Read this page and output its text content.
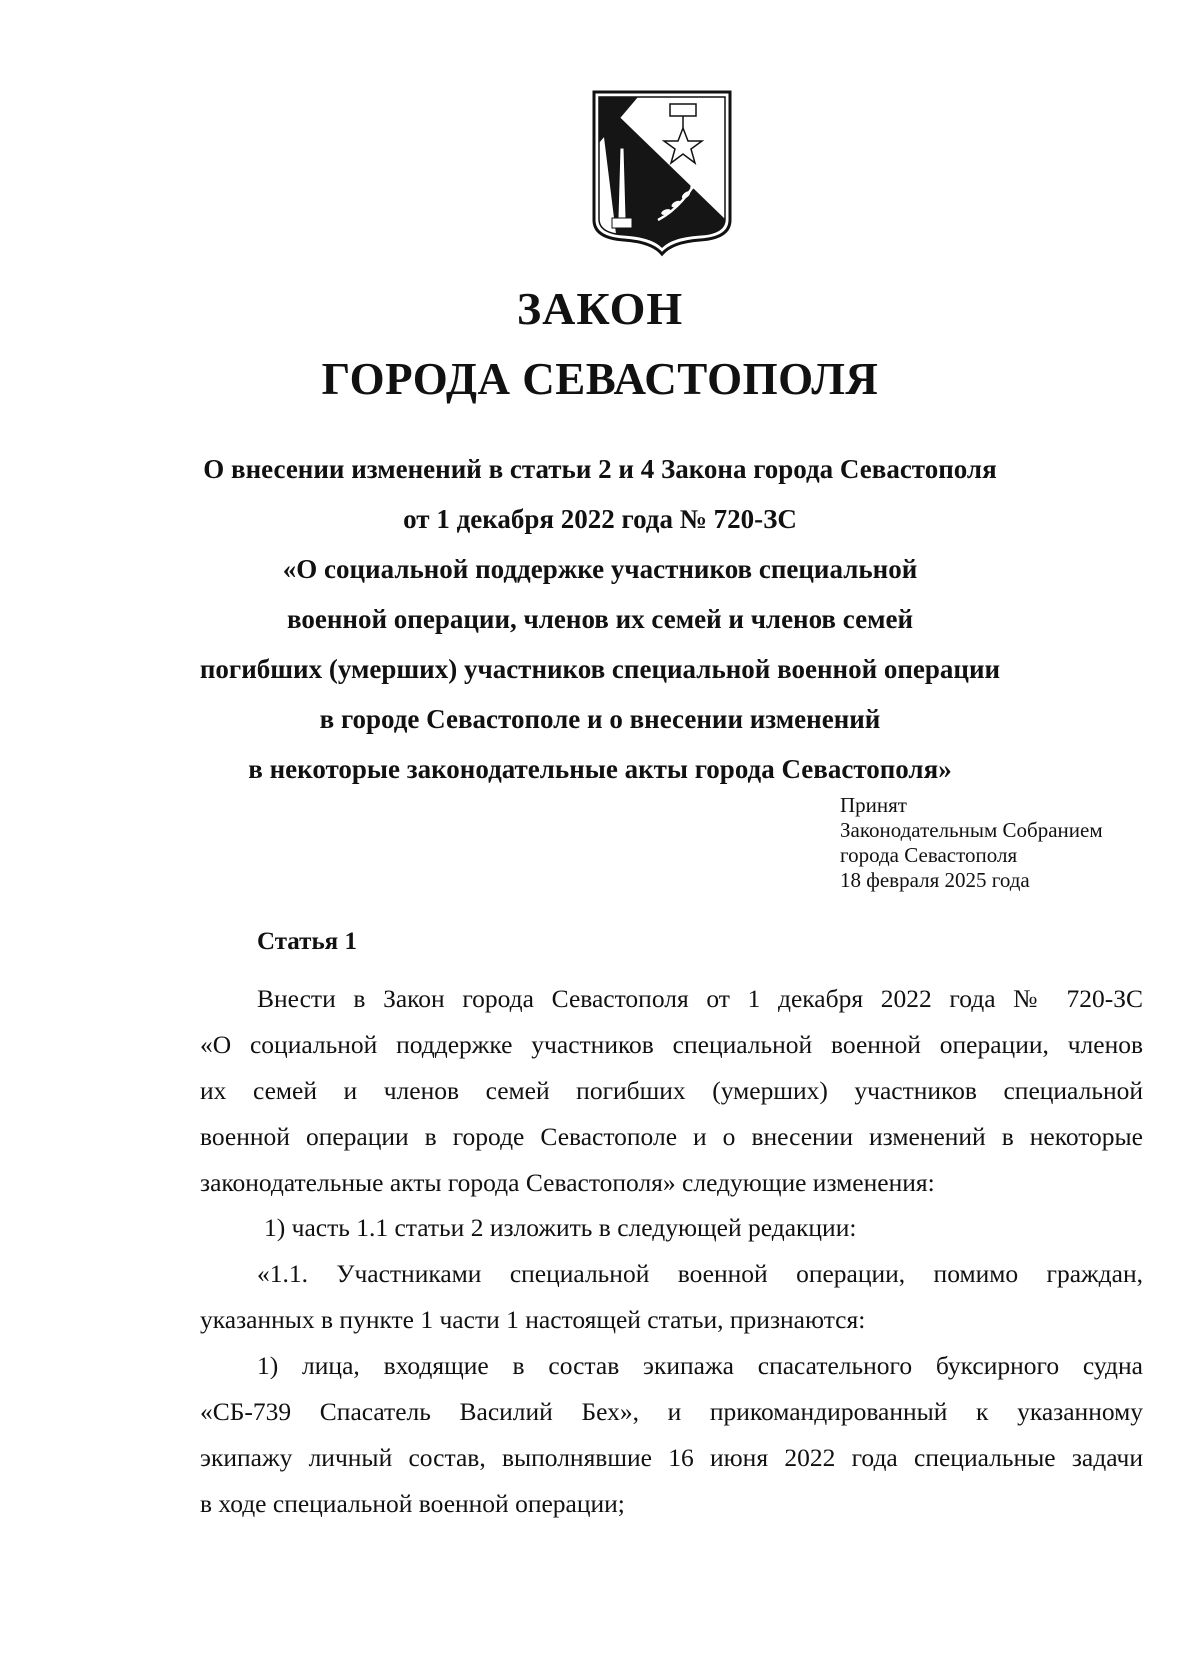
ЗАКОН
ГОРОДА СЕВАСТОПОЛЯ
О внесении изменений в статьи 2 и 4 Закона города Севастополя
от 1 декабря 2022 года № 720-ЗС
«О социальной поддержке участников специальной
военной операции, членов их семей и членов семей
погибших (умерших) участников специальной военной операции
в городе Севастополе и о внесении изменений
в некоторые законодательные акты города Севастополя»
Принят
Законодательным Собранием
города Севастополя
18 февраля 2025 года
Статья 1
Внести в Закон города Севастополя от 1 декабря 2022 года № 720-ЗС
«О социальной поддержке участников специальной военной операции, членов
их семей и членов семей погибших (умерших) участников специальной
военной операции в городе Севастополе и о внесении изменений в некоторые
законодательные акты города Севастополя» следующие изменения:
1) часть 1.1 статьи 2 изложить в следующей редакции:
«1.1. Участниками специальной военной операции, помимо граждан,
указанных в пункте 1 части 1 настоящей статьи, признаются:
1) лица, входящие в состав экипажа спасательного буксирного судна
«СБ-739 Спасатель Василий Бех», и прикомандированный к указанному
экипажу личный состав, выполнявшие 16 июня 2022 года специальные задачи
в ходе специальной военной операции;
